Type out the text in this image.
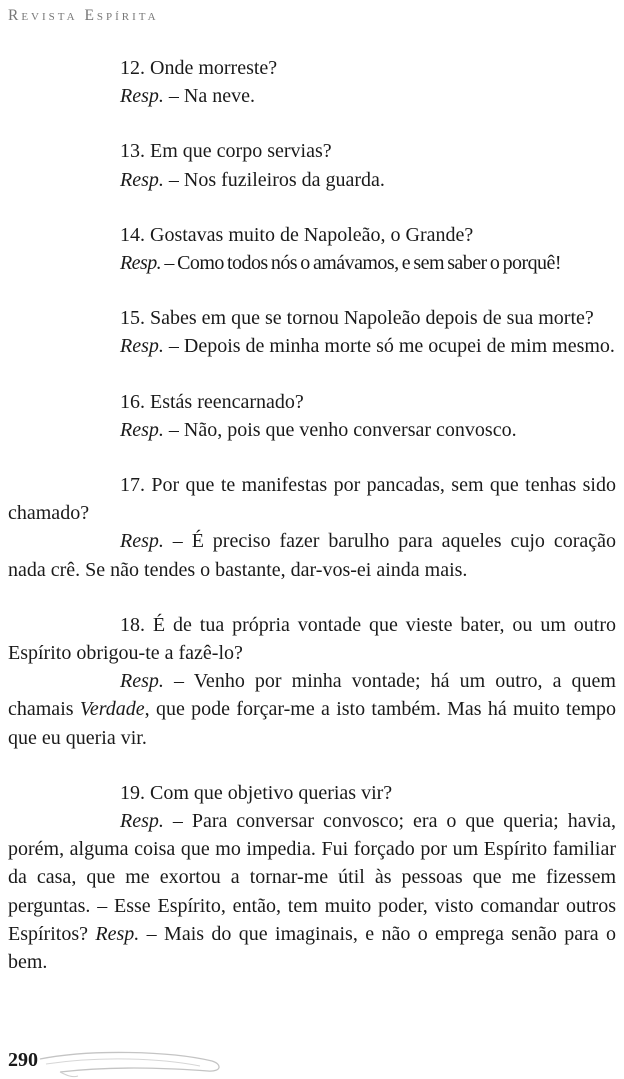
Revista Espírita

12. Onde morreste?

Resp. – Na neve.

13. Em que corpo servias?

Resp. – Nos fuzileiros da guarda.

14. Gostavas muito de Napoleão, o Grande?

Resp. – Como todos nós o amávamos, e sem saber o porquê!

15. Sabes em que se tornou Napoleão depois de sua morte?

Resp. – Depois de minha morte só me ocupei de mim mesmo.

16. Estás reencarnado?

Resp. – Não, pois que venho conversar convosco.

17. Por que te manifestas por pancadas, sem que tenhas sido chamado?

Resp. – É preciso fazer barulho para aqueles cujo coração nada crê. Se não tendes o bastante, dar-vos-ei ainda mais.

18. É de tua própria vontade que vieste bater, ou um outro Espírito obrigou-te a fazê-lo?

Resp. – Venho por minha vontade; há um outro, a quem chamais Verdade, que pode forçar-me a isto também. Mas há muito tempo que eu queria vir.

19. Com que objetivo querias vir?

Resp. – Para conversar convosco; era o que queria; havia, porém, alguma coisa que mo impedia. Fui forçado por um Espírito familiar da casa, que me exortou a tornar-me útil às pessoas que me fizessem perguntas. – Esse Espírito, então, tem muito poder, visto comandar outros Espíritos? Resp. – Mais do que imaginais, e não o emprega senão para o bem.

290
